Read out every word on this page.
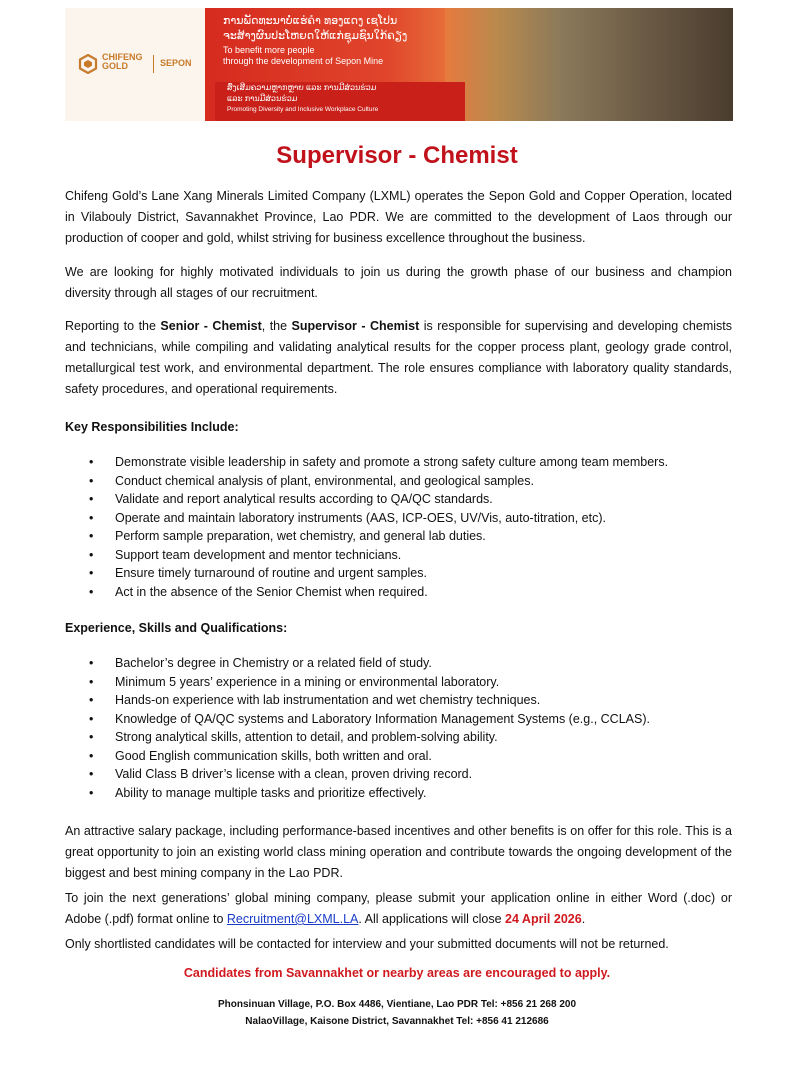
CHIFENG
GOLD	SEPON
ການພັດທະນາບໍ່ແຮ່ຄຳ ທອງແດງ ເຊໂປນ
ຈະສ້າງຜົນປະໂຫຍດໃຫ້ແກ່ຊຸມຊົນໃກ້ຄຽງ
To benefit more people
through the development of Sepon Mine
ສົ່ງເສີມຄວາມຫຼາກຫຼາຍ ແລະ ການມີສ່ວນຮ່ວມ
ແລະ ການມີສ່ວນຮ່ວມ
Promoting Diversity and Inclusive Workplace Culture
Supervisor - Chemist

Chifeng Gold’s Lane Xang Minerals Limited Company (LXML) operates the Sepon Gold and Copper Operation, located in Vilabouly District, Savannakhet Province, Lao PDR. We are committed to the development of Laos through our production of cooper and gold, whilst striving for business excellence throughout the business.

We are looking for highly motivated individuals to join us during the growth phase of our business and champion diversity through all stages of our recruitment.

Reporting to the Senior - Chemist, the Supervisor - Chemist is responsible for supervising and developing chemists and technicians, while compiling and validating analytical results for the copper process plant, geology grade control, metallurgical test work, and environmental department. The role ensures compliance with laboratory quality standards, safety procedures, and operational requirements.

Key Responsibilities Include:

• Demonstrate visible leadership in safety and promote a strong safety culture among team members.
• Conduct chemical analysis of plant, environmental, and geological samples.
• Validate and report analytical results according to QA/QC standards.
• Operate and maintain laboratory instruments (AAS, ICP-OES, UV/Vis, auto-titration, etc).
• Perform sample preparation, wet chemistry, and general lab duties.
• Support team development and mentor technicians.
• Ensure timely turnaround of routine and urgent samples.
• Act in the absence of the Senior Chemist when required.

Experience, Skills and Qualifications:

• Bachelor’s degree in Chemistry or a related field of study.
• Minimum 5 years’ experience in a mining or environmental laboratory.
• Hands-on experience with lab instrumentation and wet chemistry techniques.
• Knowledge of QA/QC systems and Laboratory Information Management Systems (e.g., CCLAS).
• Strong analytical skills, attention to detail, and problem-solving ability.
• Good English communication skills, both written and oral.
• Valid Class B driver’s license with a clean, proven driving record.
• Ability to manage multiple tasks and prioritize effectively.

An attractive salary package, including performance-based incentives and other benefits is on offer for this role. This is a great opportunity to join an existing world class mining operation and contribute towards the ongoing development of the biggest and best mining company in the Lao PDR.

To join the next generations’ global mining company, please submit your application online in either Word (.doc) or Adobe (.pdf) format online to Recruitment@LXML.LA. All applications will close 24 April 2026.

Only shortlisted candidates will be contacted for interview and your submitted documents will not be returned.

Candidates from Savannakhet or nearby areas are encouraged to apply.

Phonsinuan Village, P.O. Box 4486, Vientiane, Lao PDR Tel: +856 21 268 200

NalaoVillage, Kaisone District, Savannakhet Tel: +856 41 212686
